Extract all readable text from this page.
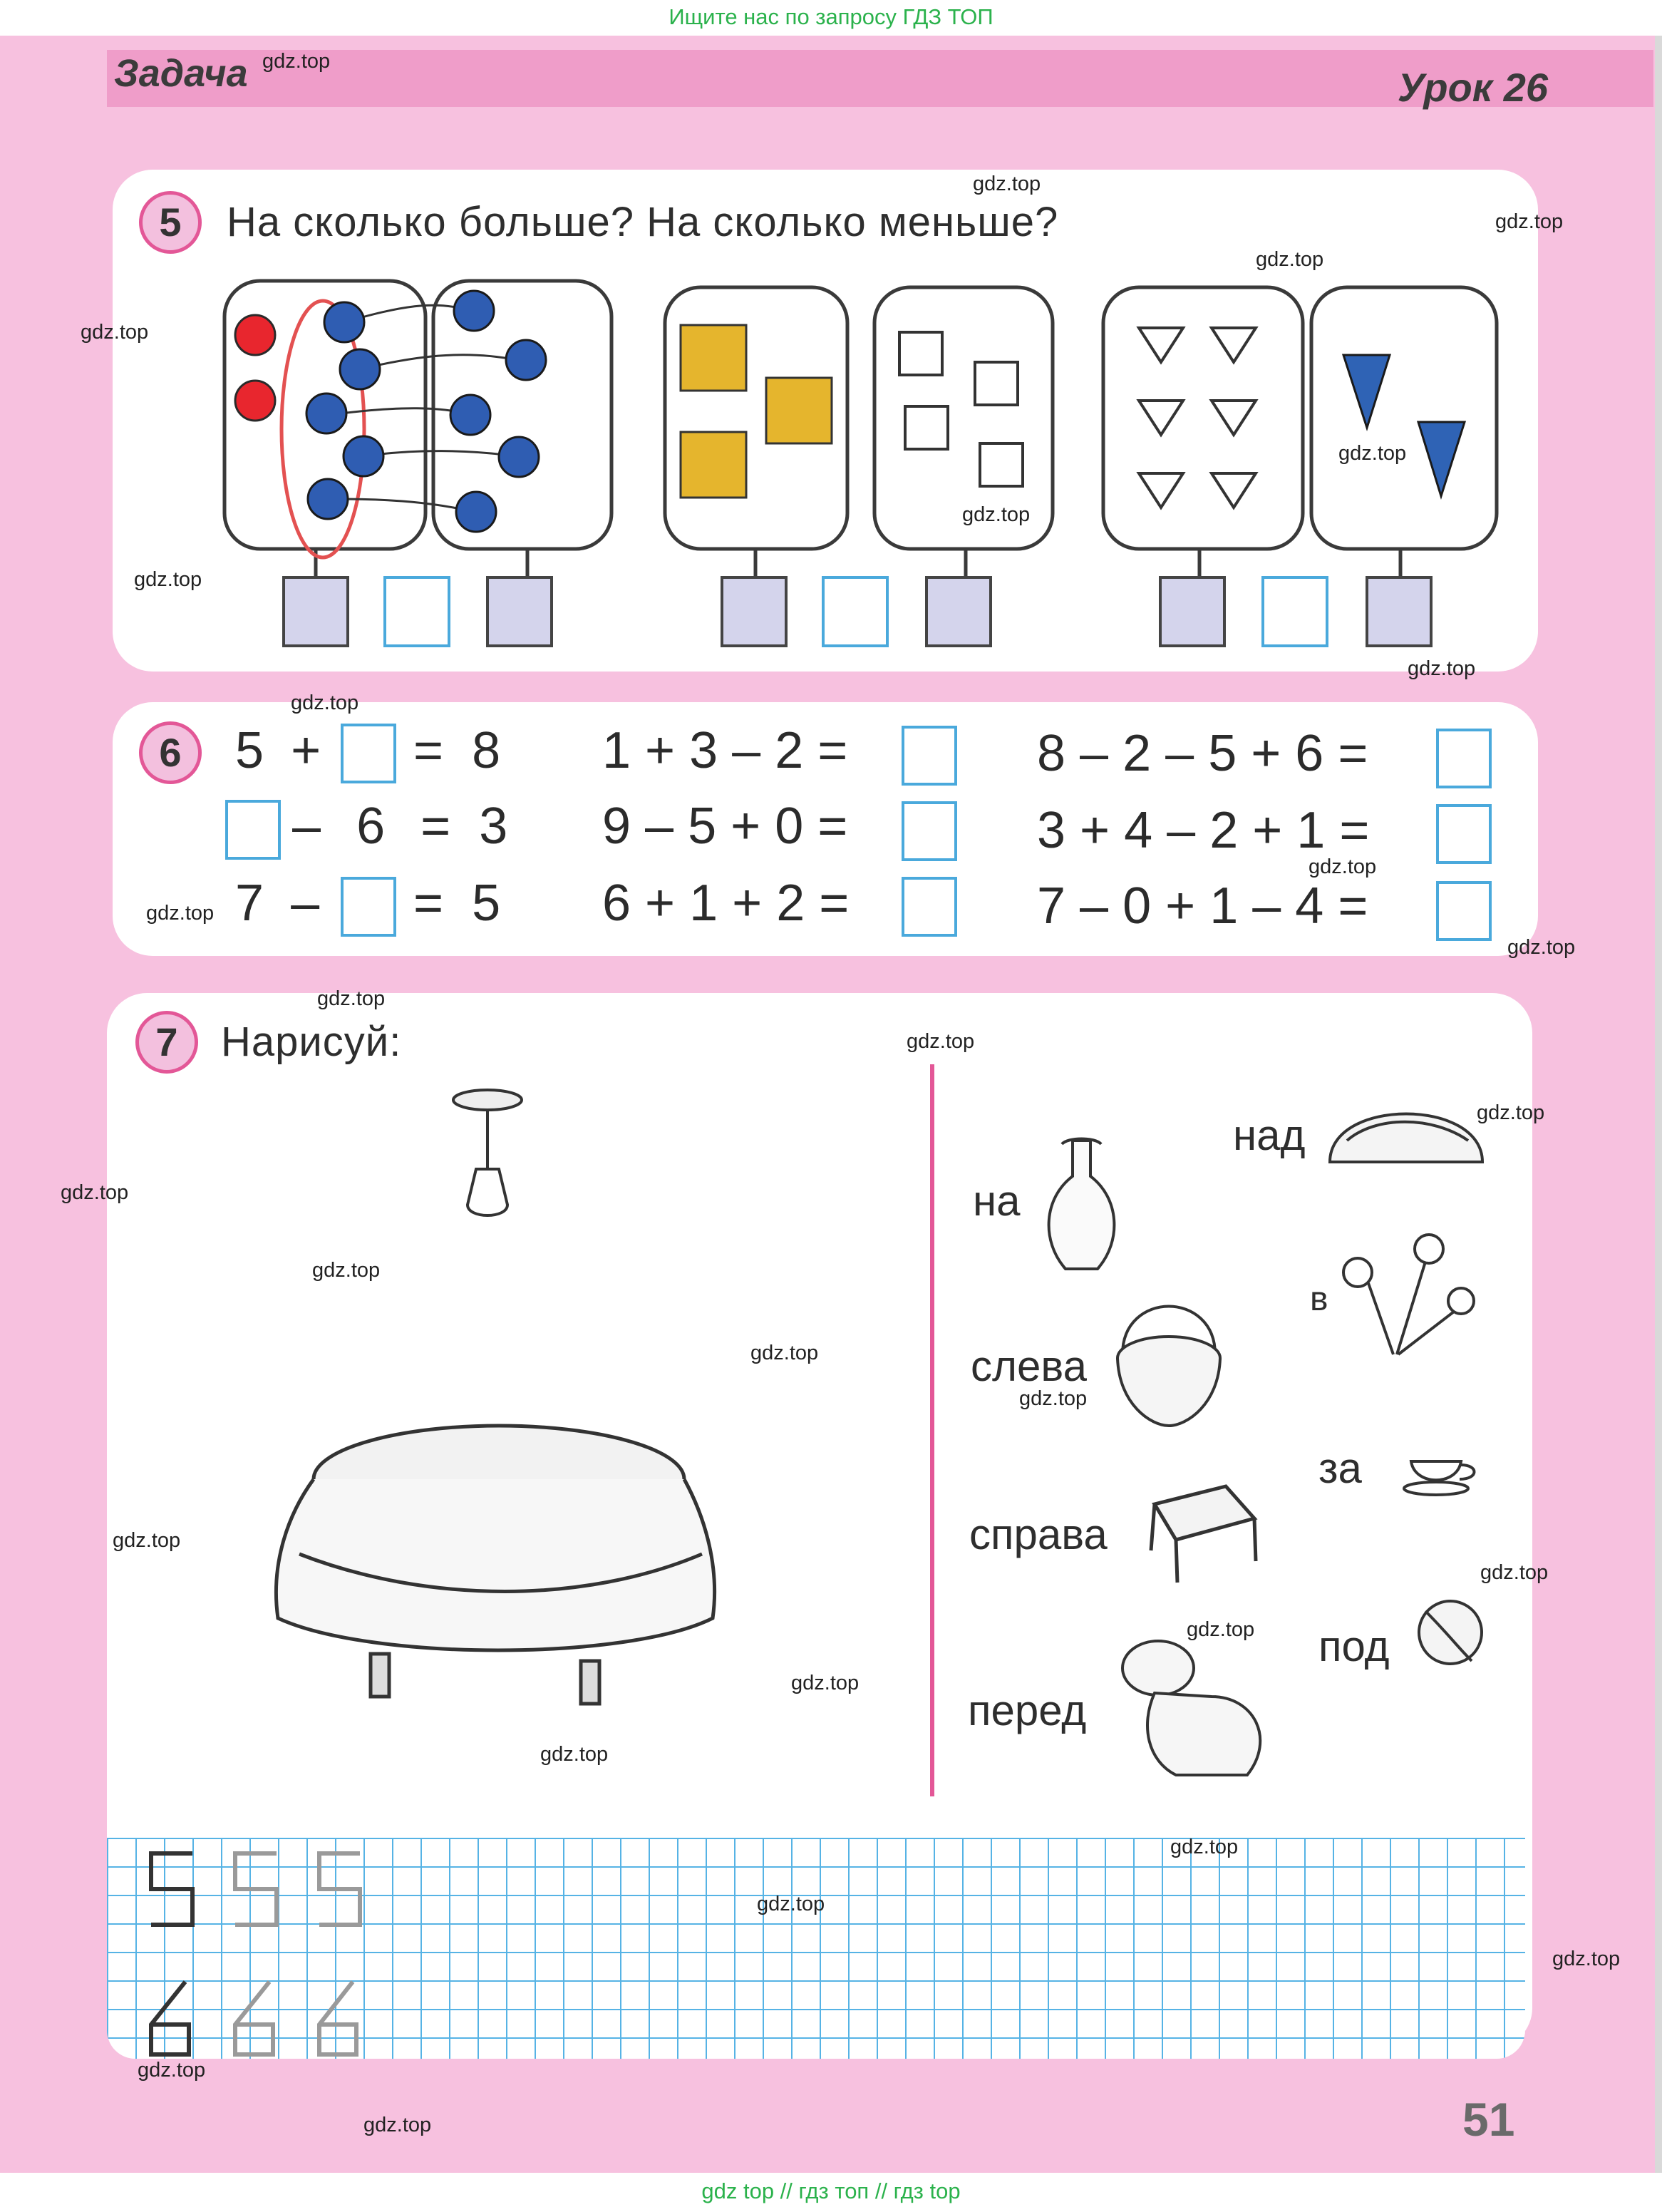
Ищите нас по запросу ГДЗ ТОП
Задача	Урок 26
5	На сколько больше? На сколько меньше?
6	5 + = 8
– 6 = 3
7 – = 5
1 + 3 – 2 =
9 – 5 + 0 =
6 + 1 + 2 =
8 – 2 – 5 + 6 =
3 + 4 – 2 + 1 =
7 – 0 + 1 – 4 =
7	Нарисуй:
над
на
в
слева
за
справа
под
перед
51
gdz.top
gdz.top
gdz.top
gdz.top
gdz.top
gdz.top
gdz.top
gdz.top
gdz.top
gdz.top
gdz.top
gdz.top
gdz.top
gdz.top
gdz.top
gdz.top
gdz.top
gdz.top
gdz.top
gdz.top
gdz.top
gdz.top
gdz.top
gdz.top
gdz.top
gdz.top
gdz.top
gdz.top
gdz.top
gdz.top
gdz top // гдз топ // гдз top
